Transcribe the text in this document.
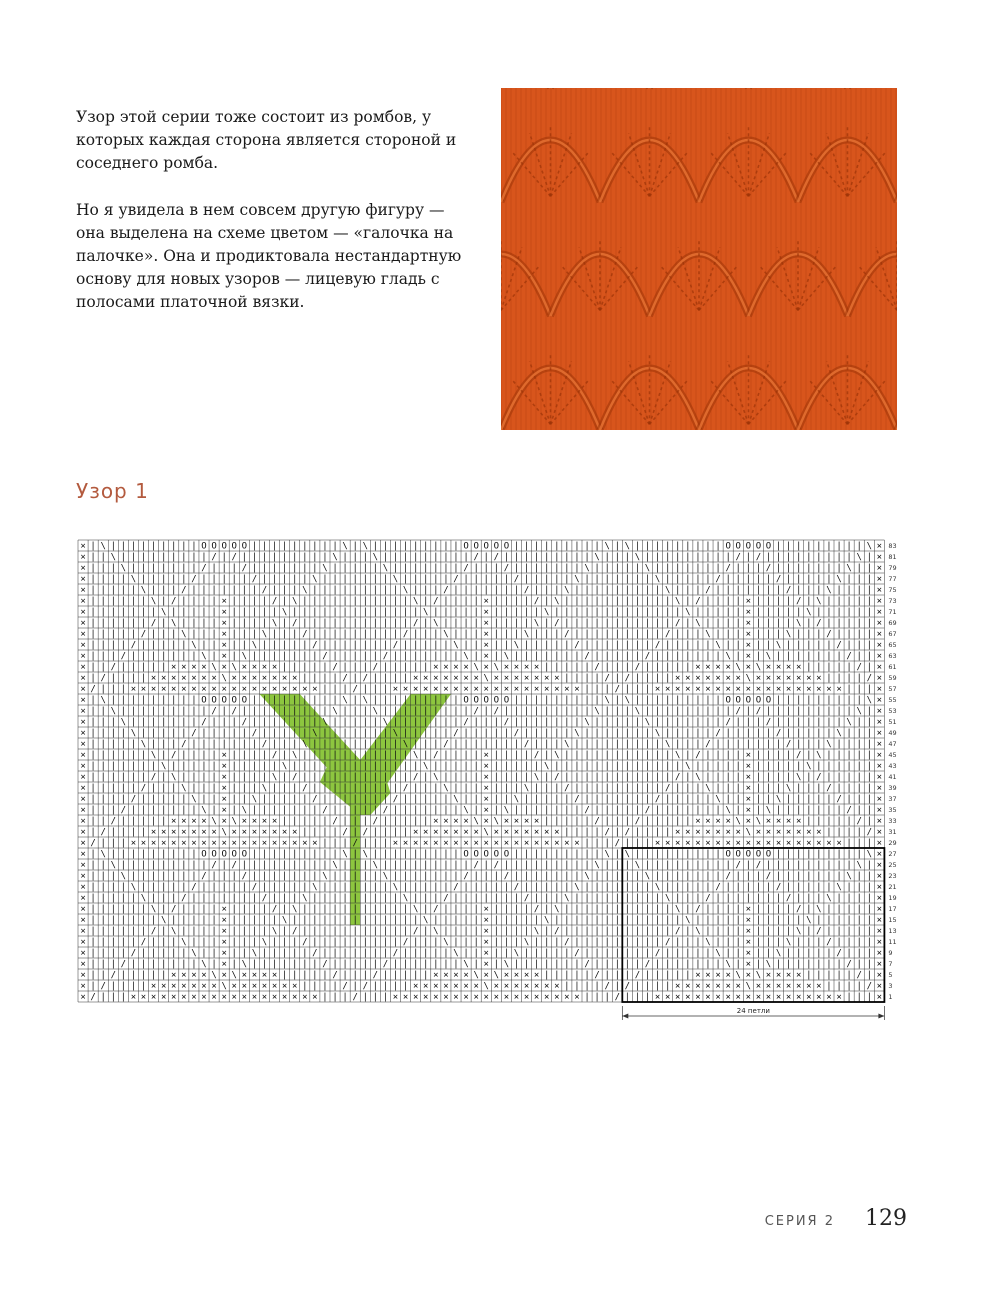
Узор этой серии тоже состоит из ромбов, у которых каждая сторона является стороной и соседнего ромба.

Но я увидела в нем совсем другую фигуру — она выделена на схеме цветом — «галочка на палочке». Она и продиктовала нестандартную основу для новых узоров — лицевую гладь с полосами платочной вязки.

Узор 1
× | \ | | | | | | | | | O O O O O | | | | | | | | | \ | \ | | | | | | | | | O O O O O | | | | | | | | | \ | \ | | | | | | | | | O O O O O | | | | | | | | | \ ×
× | | \ | | | | | | | | | / | / | | | | | | | | | \ | | | \ | | | | | | | | | / | / | | | | | | | | | \ | | | \ | | | | | | | | | / | / | | | | | | | | | \ | ×
× | | | \ | | | | | | | / | | | / | | | | | | | \ | | | | | \ | | | | | | | / | | | / | | | | | | | \ | | | | | \ | | | | | | | / | | | / | | | | | | | \ | | ×
× | | | | \ | | | | | / | | | | | / | | | | | \ | | | | | | | \ | | | | | / | | | | | / | | | | | \ | | | | | | | \ | | | | | / | | | | | / | | | | | \ | | | ×
× | | | | | \ | | | / | | | | | | | / | | | \ | | | | | | | | | \ | | | / | | | | | | | / | | | \ | | | | | | | | | \ | | | / | | | | | | | / | | | \ | | | | ×
× | | | | | | \ | / | | | | × | | | | / | \ | | | | | | | | | | | \ | / | | | | × | | | | / | \ | | | | | | | | | | | \ | / | | | | × | | | | / | \ | | | | | ×
× | | | | | | | \ | | | | | × | | | | | \ | | | | | | | | | | | | | \ | | | | | × | | | | | \ | | | | | | | | | | | | | \ | | | | | × | | | | | \ | | | | | | ×
× | | | | | | / | \ | | | | × | | | | \ | / | | | | | | | | | | | / | \ | | | | × | | | | \ | / | | | | | | | | | | | / | \ | | | | × | | | | \ | / | | | | | ×
× | | | | | / | | | \ | | | × | | | \ | | | / | | | | | | | | | / | | | \ | | | × | | | \ | | | / | | | | | | | | | / | | | \ | | | × | | | \ | | | / | | | | ×
× | | | | / | | | | | \ | | × | | \ | | | | | / | | | | | | | / | | | | | \ | | × | | \ | | | | | / | | | | | | | / | | | | | \ | | × | | \ | | | | | / | | | ×
× | | | / | | | | | | | \ | × | \ | | | | | | | / | | | | | / | | | | | | | \ | × | \ | | | | | | | / | | | | | / | | | | | | | \ | × | \ | | | | | | | / | | ×
× | | / | | | | | × × × × \ × \ × × × × | | | | | / | | | / | | | | | × × × × \ × \ × × × × | | | | | / | | | / | | | | | × × × × \ × \ × × × × | | | | | / | ×
× | / | | | | × × × × × × × \ × × × × × × × | | | | / | / | | | | × × × × × × × \ × × × × × × × | | | | / | / | | | | × × × × × × × \ × × × × × × × | | | | / ×
× / | | | × × × × × × × × × × × × × × × × × × × | | | / | | | × × × × × × × × × × × × × × × × × × × | | | / | | | × × × × × × × × × × × × × × × × × × × | | | ×
× | \ | | | | | | | | | O O O O O | | | | | | | | | \ | \ | | | | | | | | | O O O O O | | | | | | | | | \ | \ | | | | | | | | | O O O O O | | | | | | | | | \ ×
× | | \ | | | | | | | | | / | / | | | | | | | | | \ | | | \ | | | | | | | | | / | / | | | | | | | | | \ | | | \ | | | | | | | | | / | / | | | | | | | | | \ | ×
× | | | \ | | | | | | | / | | | / | | | | | | | \ | | | | | \ | | | | | | | / | | | / | | | | | | | \ | | | | | \ | | | | | | | / | | | / | | | | | | | \ | | ×
× | | | | \ | | | | | / | | | | | / | | | | | \ | | | | | | | \ | | | | | / | | | | | / | | | | | \ | | | | | | | \ | | | | | / | | | | | / | | | | | \ | | | ×
× | | | | | \ | | | / | | | | | | | / | | | \ | | | | | | | | | \ | | | / | | | | | | | / | | | \ | | | | | | | | | \ | | | / | | | | | | | / | | | \ | | | | ×
× | | | | | | \ | / | | | | × | | | | / | \ | | | | | | | | | | | \ | / | | | | × | | | | / | \ | | | | | | | | | | | \ | / | | | | × | | | | / | \ | | | | | ×
× | | | | | | | \ | | | | | × | | | | | \ | | | | | | | | | | | | | \ | | | | | × | | | | | \ | | | | | | | | | | | | | \ | | | | | × | | | | | \ | | | | | | ×
× | | | | | | / | \ | | | | × | | | | \ | / | | | | | | | | | | | / | \ | | | | × | | | | \ | / | | | | | | | | | | | / | \ | | | | × | | | | \ | / | | | | | ×
× | | | | | / | | | \ | | | × | | | \ | | | / | | | | | | | | | / | | | \ | | | × | | | \ | | | / | | | | | | | | | / | | | \ | | | × | | | \ | | | / | | | | ×
× | | | | / | | | | | \ | | × | | \ | | | | | / | | | | | | | / | | | | | \ | | × | | \ | | | | | / | | | | | | | / | | | | | \ | | × | | \ | | | | | / | | | ×
× | | | / | | | | | | | \ | × | \ | | | | | | | / | | | | | / | | | | | | | \ | × | \ | | | | | | | / | | | | | / | | | | | | | \ | × | \ | | | | | | | / | | ×
× | | / | | | | | × × × × \ × \ × × × × | | | | | / | | | / | | | | | × × × × \ × \ × × × × | | | | | / | | | / | | | | | × × × × \ × \ × × × × | | | | | / | ×
× | / | | | | × × × × × × × \ × × × × × × × | | | | / | / | | | | × × × × × × × \ × × × × × × × | | | | / | / | | | | × × × × × × × \ × × × × × × × | | | | / ×
× / | | | × × × × × × × × × × × × × × × × × × × | | | / | | | × × × × × × × × × × × × × × × × × × × | | | / | | | × × × × × × × × × × × × × × × × × × × | | | ×
× | \ | | | | | | | | | O O O O O | | | | | | | | | \ | \ | | | | | | | | | O O O O O | | | | | | | | | \ | \ | | | | | | | | | O O O O O | | | | | | | | | \ ×
× | | \ | | | | | | | | | / | / | | | | | | | | | \ | | | \ | | | | | | | | | / | / | | | | | | | | | \ | | | \ | | | | | | | | | / | / | | | | | | | | | \ | ×
× | | | \ | | | | | | | / | | | / | | | | | | | \ | | | | | \ | | | | | | | / | | | / | | | | | | | \ | | | | | \ | | | | | | | / | | | / | | | | | | | \ | | ×
× | | | | \ | | | | | / | | | | | / | | | | | \ | | | | | | | \ | | | | | / | | | | | / | | | | | \ | | | | | | | \ | | | | | / | | | | | / | | | | | \ | | | ×
× | | | | | \ | | | / | | | | | | | / | | | \ | | | | | | | | | \ | | | / | | | | | | | / | | | \ | | | | | | | | | \ | | | / | | | | | | | / | | | \ | | | | ×
× | | | | | | \ | / | | | | × | | | | / | \ | | | | | | | | | | | \ | / | | | | × | | | | / | \ | | | | | | | | | | | \ | / | | | | × | | | | / | \ | | | | | ×
× | | | | | | | \ | | | | | × | | | | | \ | | | | | | | | | | | | | \ | | | | | × | | | | | \ | | | | | | | | | | | | | \ | | | | | × | | | | | \ | | | | | | ×
× | | | | | | / | \ | | | | × | | | | \ | / | | | | | | | | | | | / | \ | | | | × | | | | \ | / | | | | | | | | | | | / | \ | | | | × | | | | \ | / | | | | | ×
× | | | | | / | | | \ | | | × | | | \ | | | / | | | | | | | | | / | | | \ | | | × | | | \ | | | / | | | | | | | | | / | | | \ | | | × | | | \ | | | / | | | | ×
× | | | | / | | | | | \ | | × | | \ | | | | | / | | | | | | | / | | | | | \ | | × | | \ | | | | | / | | | | | | | / | | | | | \ | | × | | \ | | | | | / | | | ×
× | | | / | | | | | | | \ | × | \ | | | | | | | / | | | | | / | | | | | | | \ | × | \ | | | | | | | / | | | | | / | | | | | | | \ | × | \ | | | | | | | / | | ×
× | | / | | | | | × × × × \ × \ × × × × | | | | | / | | | / | | | | | × × × × \ × \ × × × × | | | | | / | | | / | | | | | × × × × \ × \ × × × × | | | | | / | ×
× | / | | | | × × × × × × × \ × × × × × × × | | | | / | / | | | | × × × × × × × \ × × × × × × × | | | | / | / | | | | × × × × × × × \ × × × × × × × | | | | / ×
× / | | | × × × × × × × × × × × × × × × × × × × | | | / | | | × × × × × × × × × × × × × × × × × × × | | | / | | | × × × × × × × × × × × × × × × × × × × | | | ×
83
81
79
77
75
73
71
69
67
65
63
61
59
57
55
53
51
49
47
45
43
41
39
37
35
33
31
29
27
25
23
21
19
17
15
13
11
9
7
5
3
1
24 петли
СЕРИЯ 2 129
